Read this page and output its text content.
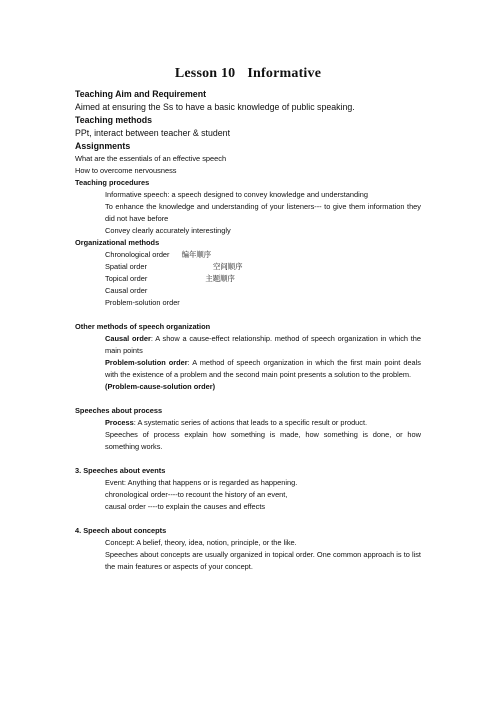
Lesson 10 Informative
Teaching Aim and Requirement
Aimed at ensuring the Ss to have a basic knowledge of public speaking.
Teaching methods
PPt, interact between teacher & student
Assignments
What are the essentials of an effective speech
How to overcome nervousness
Teaching procedures
Informative speech: a speech designed to convey knowledge and understanding
To enhance the knowledge and understanding of your listeners--- to give them information they did not have before
Convey clearly accurately interestingly
Organizational methods
Chronological order 编年顺序
Spatial order	空间顺序
Topical order	主题顺序
Causal order
Problem-solution order
Other methods of speech organization
Causal order: A show a cause-effect relationship. method of speech organization in which the main points
Problem-solution order: A method of speech organization in which the first main point deals with the existence of a problem and the second main point presents a solution to the problem.
(Problem-cause-solution order)
Speeches about process
Process: A systematic series of actions that leads to a specific result or product.
Speeches of process explain how something is made, how something is done, or how something works.
3. Speeches about events
Event: Anything that happens or is regarded as happening.
chronological order----to recount the history of an event,
causal order ----to explain the causes and effects
4. Speech about concepts
Concept: A belief, theory, idea, notion, principle, or the like.
Speeches about concepts are usually organized in topical order. One common approach is to list the main features or aspects of your concept.
